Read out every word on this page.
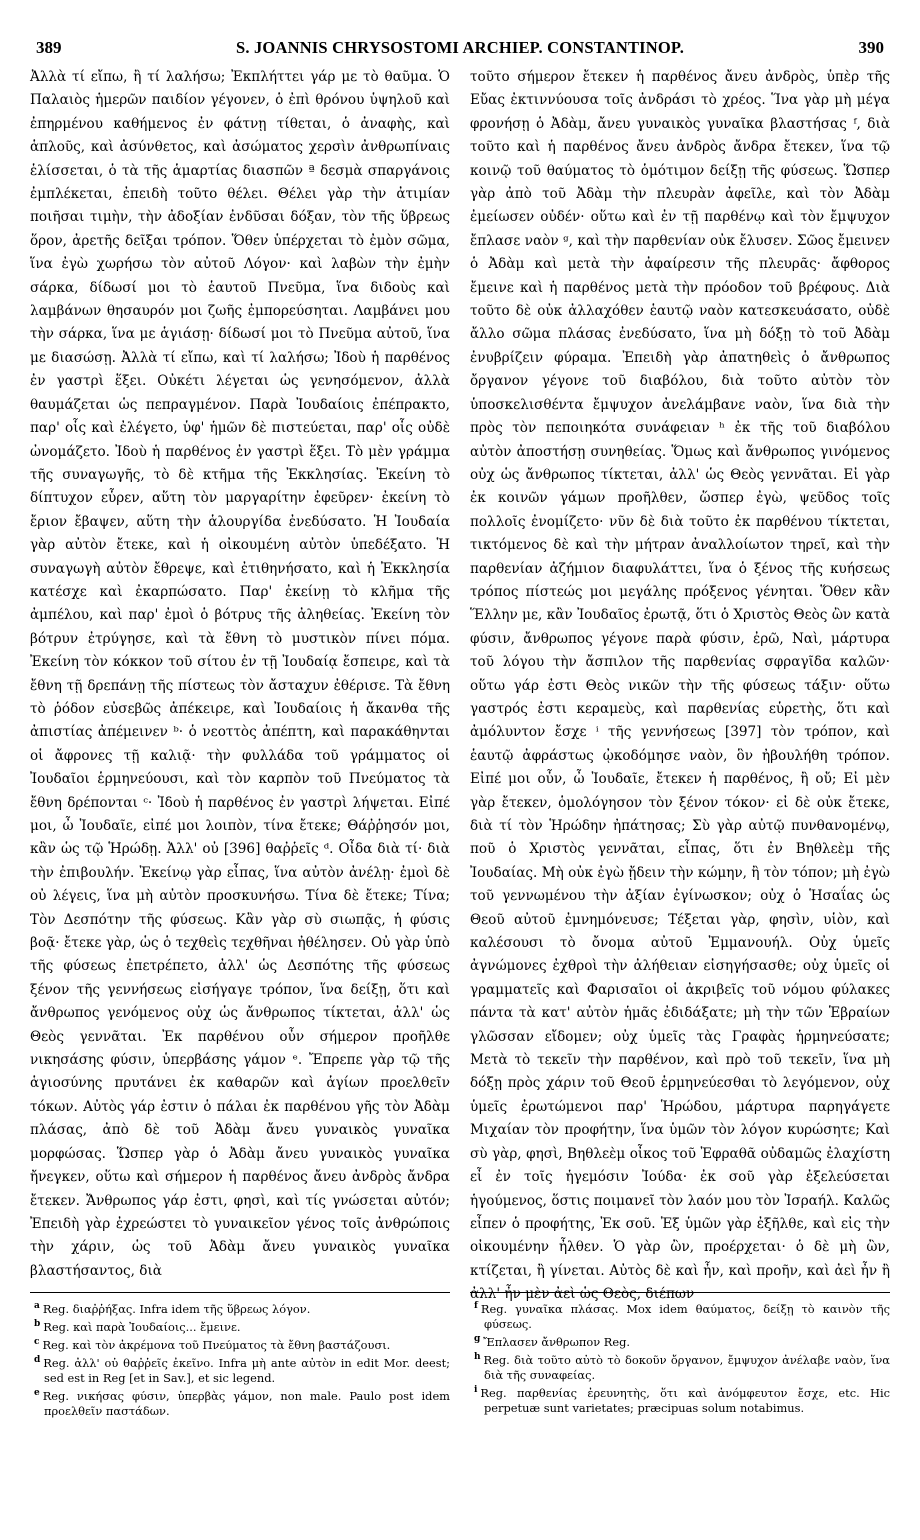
389	S. JOANNIS CHRYSOSTOMI ARCHIEP. CONSTANTINOP.	390

Ἀλλὰ τί εἴπω, ἢ τί λαλήσω; Ἐκπλήττει γάρ με τὸ θαῦμα. Ὁ Παλαιὸς ἡμερῶν παιδίον γέγονεν, ὁ ἐπὶ θρόνου ὑψηλοῦ καὶ ἐπηρμένου καθήμενος ἐν φάτνῃ τίθεται, ὁ ἀναφὴς, καὶ ἁπλοῦς, καὶ ἀσύνθετος, καὶ ἀσώματος χερσὶν ἀνθρωπίναις ἑλίσσεται, ὁ τὰ τῆς ἁμαρτίας διασπῶν ª δεσμὰ σπαργάνοις ἐμπλέκεται, ἐπειδὴ τοῦτο θέλει. Θέλει γὰρ τὴν ἀτιμίαν ποιῆσαι τιμὴν, τὴν ἀδοξίαν ἐνδῦσαι δόξαν, τὸν τῆς ὕβρεως ὅρον, ἀρετῆς δεῖξαι τρόπον. Ὅθεν ὑπέρχεται τὸ ἐμὸν σῶμα, ἵνα ἐγὼ χωρήσω τὸν αὐτοῦ Λόγον· καὶ λαβὼν τὴν ἐμὴν σάρκα, δίδωσί μοι τὸ ἑαυτοῦ Πνεῦμα, ἵνα διδοὺς καὶ λαμβάνων θησαυρόν μοι ζωῆς ἐμπορεύσηται. Λαμβάνει μου τὴν σάρκα, ἵνα με ἁγιάσῃ· δίδωσί μοι τὸ Πνεῦμα αὐτοῦ, ἵνα με διασώσῃ. Ἀλλὰ τί εἴπω, καὶ τί λαλήσω; Ἰδοὺ ἡ παρθένος ἐν γαστρὶ ἕξει. Οὐκέτι λέγεται ὡς γενησόμενον, ἀλλὰ θαυμάζεται ὡς πεπραγμένον. Παρὰ Ἰουδαίοις ἐπέπρακτο, παρ' οἷς καὶ ἐλέγετο, ὑφ' ἡμῶν δὲ πιστεύεται, παρ' οἷς οὐδὲ ὠνομάζετο. Ἰδοὺ ἡ παρθένος ἐν γαστρὶ ἕξει. Τὸ μὲν γράμμα τῆς συναγωγῆς, τὸ δὲ κτῆμα τῆς Ἐκκλησίας. Ἐκείνη τὸ δίπτυχον εὗρεν, αὕτη τὸν μαργαρίτην ἐφεῦρεν· ἐκείνη τὸ ἔριον ἔβαψεν, αὕτη τὴν ἁλουργίδα ἐνεδύσατο. Ἡ Ἰουδαία γὰρ αὐτὸν ἔτεκε, καὶ ἡ οἰκουμένη αὐτὸν ὑπεδέξατο. Ἡ συναγωγὴ αὐτὸν ἔθρεψε, καὶ ἐτιθηνήσατο, καὶ ἡ Ἐκκλησία κατέσχε καὶ ἐκαρπώσατο. Παρ' ἐκείνῃ τὸ κλῆμα τῆς ἀμπέλου, καὶ παρ' ἐμοὶ ὁ βότρυς τῆς ἀληθείας. Ἐκείνη τὸν βότρυν ἐτρύγησε, καὶ τὰ ἔθνη τὸ μυστικὸν πίνει πόμα. Ἐκείνη τὸν κόκκον τοῦ σίτου ἐν τῇ Ἰουδαίᾳ ἔσπειρε, καὶ τὰ ἔθνη τῇ δρεπάνῃ τῆς πίστεως τὸν ἄσταχυν ἐθέρισε. Τὰ ἔθνη τὸ ῥόδον εὐσεβῶς ἀπέκειρε, καὶ Ἰουδαίοις ἡ ἄκανθα τῆς ἀπιστίας ἀπέμεινεν ᵇ· ὁ νεοττὸς ἀπέπτη, καὶ παρακάθηνται οἱ ἄφρονες τῇ καλιᾷ· τὴν φυλλάδα τοῦ γράμματος οἱ Ἰουδαῖοι ἑρμηνεύουσι, καὶ τὸν καρπὸν τοῦ Πνεύματος τὰ ἔθνη δρέπονται ᶜ· Ἰδοὺ ἡ παρθένος ἐν γαστρὶ λήψεται. Εἰπέ μοι, ὦ Ἰουδαῖε, εἰπέ μοι λοιπὸν, τίνα ἔτεκε; Θάῤῥησόν μοι, κἂν ὡς τῷ Ἡρώδῃ. Ἀλλ' οὐ [396] θαῤῥεῖς ᵈ. Οἶδα διὰ τί· διὰ τὴν ἐπιβουλήν. Ἐκείνῳ γὰρ εἶπας, ἵνα αὐτὸν ἀνέλῃ· ἐμοὶ δὲ οὐ λέγεις, ἵνα μὴ αὐτὸν προσκυνήσω. Τίνα δὲ ἔτεκε; Τίνα; Τὸν Δεσπότην τῆς φύσεως. Κἂν γὰρ σὺ σιωπᾷς, ἡ φύσις βοᾷ· ἔτεκε γὰρ, ὡς ὁ τεχθεὶς τεχθῆναι ἠθέλησεν. Οὐ γὰρ ὑπὸ τῆς φύσεως ἐπετρέπετο, ἀλλ' ὡς Δεσπότης τῆς φύσεως ξένον τῆς γεννήσεως εἰσήγαγε τρόπον, ἵνα δείξῃ, ὅτι καὶ ἄνθρωπος γενόμενος οὐχ ὡς ἄνθρωπος τίκτεται, ἀλλ' ὡς Θεὸς γεννᾶται. Ἐκ παρθένου οὖν σήμερον προῆλθε νικησάσης φύσιν, ὑπερβάσης γάμον ᵉ. Ἔπρεπε γὰρ τῷ τῆς ἁγιοσύνης πρυτάνει ἐκ καθαρῶν καὶ ἁγίων προελθεῖν τόκων. Αὐτὸς γάρ ἐστιν ὁ πάλαι ἐκ παρθένου γῆς τὸν Ἀδὰμ πλάσας, ἀπὸ δὲ τοῦ Ἀδὰμ ἄνευ γυναικὸς γυναῖκα μορφώσας. Ὥσπερ γὰρ ὁ Ἀδὰμ ἄνευ γυναικὸς γυναῖκα ἤνεγκεν, οὕτω καὶ σήμερον ἡ παρθένος ἄνευ ἀνδρὸς ἄνδρα ἔτεκεν. Ἄνθρωπος γάρ ἐστι, φησὶ, καὶ τίς γνώσεται αὐτόν; Ἐπειδὴ γὰρ ἐχρεώστει τὸ γυναικεῖον γένος τοῖς ἀνθρώποις τὴν χάριν, ὡς τοῦ Ἀδὰμ ἄνευ γυναικὸς γυναῖκα βλαστήσαντος, διὰ

$^a$ Reg. διαῤῥήξας. Infra idem τῆς ὕβρεως λόγον.

$^b$ Reg. καὶ παρὰ Ἰουδαίοις... ἔμεινε.

$^c$ Reg. καὶ τὸν ἀκρέμονα τοῦ Πνεύματος τὰ ἔθνη βαστάζουσι.

$^d$ Reg. ἀλλ' οὐ θαῤῥεῖς ἐκεῖνο. Infra μὴ ante αὐτὸν in edit Mor. deest; sed est in Reg [et in Sav.], et sic legend.

$^e$ Reg. νικήσας φύσιν, ὑπερβὰς γάμον, non male. Paulo post idem προελθεῖν παστάδων.

τοῦτο σήμερον ἔτεκεν ἡ παρθένος ἄνευ ἀνδρὸς, ὑπὲρ τῆς Εὔας ἐκτιννύουσα τοῖς ἀνδράσι τὸ χρέος. Ἵνα γὰρ μὴ μέγα φρονήσῃ ὁ Ἀδὰμ, ἄνευ γυναικὸς γυναῖκα βλαστήσας ᶠ, διὰ τοῦτο καὶ ἡ παρθένος ἄνευ ἀνδρὸς ἄνδρα ἔτεκεν, ἵνα τῷ κοινῷ τοῦ θαύματος τὸ ὁμότιμον δείξῃ τῆς φύσεως. Ὥσπερ γὰρ ἀπὸ τοῦ Ἀδὰμ τὴν πλευρὰν ἀφεῖλε, καὶ τὸν Ἀδὰμ ἐμείωσεν οὐδέν· οὕτω καὶ ἐν τῇ παρθένῳ καὶ τὸν ἔμψυχον ἔπλασε ναὸν ᵍ, καὶ τὴν παρθενίαν οὐκ ἔλυσεν. Σῶος ἔμεινεν ὁ Ἀδὰμ καὶ μετὰ τὴν ἀφαίρεσιν τῆς πλευρᾶς· ἄφθορος ἔμεινε καὶ ἡ παρθένος μετὰ τὴν πρόοδον τοῦ βρέφους. Διὰ τοῦτο δὲ οὐκ ἀλλαχόθεν ἑαυτῷ ναὸν κατεσκευάσατο, οὐδὲ ἄλλο σῶμα πλάσας ἐνεδύσατο, ἵνα μὴ δόξῃ τὸ τοῦ Ἀδὰμ ἐνυβρίζειν φύραμα. Ἐπειδὴ γὰρ ἀπατηθεὶς ὁ ἄνθρωπος ὄργανον γέγονε τοῦ διαβόλου, διὰ τοῦτο αὐτὸν τὸν ὑποσκελισθέντα ἔμψυχον ἀνελάμβανε ναὸν, ἵνα διὰ τὴν πρὸς τὸν πεποιηκότα συνάφειαν ʰ ἐκ τῆς τοῦ διαβόλου αὐτὸν ἀποστήσῃ συνηθείας. Ὅμως καὶ ἄνθρωπος γινόμενος οὐχ ὡς ἄνθρωπος τίκτεται, ἀλλ' ὡς Θεὸς γεννᾶται. Εἰ γὰρ ἐκ κοινῶν γάμων προῆλθεν, ὥσπερ ἐγὼ, ψεῦδος τοῖς πολλοῖς ἐνομίζετο· νῦν δὲ διὰ τοῦτο ἐκ παρθένου τίκτεται, τικτόμενος δὲ καὶ τὴν μήτραν ἀναλλοίωτον τηρεῖ, καὶ τὴν παρθενίαν ἀζήμιον διαφυλάττει, ἵνα ὁ ξένος τῆς κυήσεως τρόπος πίστεώς μοι μεγάλης πρόξενος γένηται. Ὅθεν κἂν Ἕλλην με, κἂν Ἰουδαῖος ἐρωτᾷ, ὅτι ὁ Χριστὸς Θεὸς ὢν κατὰ φύσιν, ἄνθρωπος γέγονε παρὰ φύσιν, ἐρῶ, Ναὶ, μάρτυρα τοῦ λόγου τὴν ἄσπιλον τῆς παρθενίας σφραγῖδα καλῶν· οὕτω γάρ ἐστι Θεὸς νικῶν τὴν τῆς φύσεως τάξιν· οὕτω γαστρός ἐστι κεραμεὺς, καὶ παρθενίας εὑρετὴς, ὅτι καὶ ἀμόλυντον ἔσχε ⁱ τῆς γεννήσεως [397] τὸν τρόπον, καὶ ἑαυτῷ ἀφράστως ᾠκοδόμησε ναὸν, ὃν ἠβουλήθη τρόπον. Εἰπέ μοι οὖν, ὦ Ἰουδαῖε, ἔτεκεν ἡ παρθένος, ἢ οὔ; Εἰ μὲν γὰρ ἔτεκεν, ὁμολόγησον τὸν ξένον τόκον· εἰ δὲ οὐκ ἔτεκε, διὰ τί τὸν Ἡρώδην ἠπάτησας; Σὺ γὰρ αὐτῷ πυνθανομένῳ, ποῦ ὁ Χριστὸς γεννᾶται, εἶπας, ὅτι ἐν Βηθλεὲμ τῆς Ἰουδαίας. Μὴ οὐκ ἐγὼ ᾔδειν τὴν κώμην, ἢ τὸν τόπον; μὴ ἐγὼ τοῦ γεννωμένου τὴν ἀξίαν ἐγίνωσκον; οὐχ ὁ Ἡσαΐας ὡς Θεοῦ αὐτοῦ ἐμνημόνευσε; Τέξεται γὰρ, φησὶν, υἱὸν, καὶ καλέσουσι τὸ ὄνομα αὐτοῦ Ἐμμανουήλ. Οὐχ ὑμεῖς ἀγνώμονες ἐχθροὶ τὴν ἀλήθειαν εἰσηγήσασθε; οὐχ ὑμεῖς οἱ γραμματεῖς καὶ Φαρισαῖοι οἱ ἀκριβεῖς τοῦ νόμου φύλακες πάντα τὰ κατ' αὐτὸν ἡμᾶς ἐδιδάξατε; μὴ τὴν τῶν Ἑβραίων γλῶσσαν εἴδομεν; οὐχ ὑμεῖς τὰς Γραφὰς ἡρμηνεύσατε; Μετὰ τὸ τεκεῖν τὴν παρθένον, καὶ πρὸ τοῦ τεκεῖν, ἵνα μὴ δόξῃ πρὸς χάριν τοῦ Θεοῦ ἑρμηνεύεσθαι τὸ λεγόμενον, οὐχ ὑμεῖς ἐρωτώμενοι παρ' Ἡρώδου, μάρτυρα παρηγάγετε Μιχαίαν τὸν προφήτην, ἵνα ὑμῶν τὸν λόγον κυρώσητε; Καὶ σὺ γὰρ, φησὶ, Βηθλεὲμ οἶκος τοῦ Ἐφραθᾶ οὐδαμῶς ἐλαχίστη εἶ ἐν τοῖς ἡγεμόσιν Ἰούδα· ἐκ σοῦ γὰρ ἐξελεύσεται ἡγούμενος, ὅστις ποιμανεῖ τὸν λαόν μου τὸν Ἰσραήλ. Καλῶς εἶπεν ὁ προφήτης, Ἐκ σοῦ. Ἐξ ὑμῶν γὰρ ἐξῆλθε, καὶ εἰς τὴν οἰκουμένην ἦλθεν. Ὁ γὰρ ὢν, προέρχεται· ὁ δὲ μὴ ὢν, κτίζεται, ἢ γίνεται. Αὐτὸς δὲ καὶ ἦν, καὶ προῆν, καὶ ἀεὶ ἦν ἢ ἀλλ' ἦν μὲν ἀεὶ ὡς Θεὸς, διέπων

$^f$ Reg. γυναῖκα πλάσας. Mox idem θαύματος, δείξῃ τὸ καινὸν τῆς φύσεως.

$^g$ Ἔπλασεν ἄνθρωπον Reg.

$^h$ Reg. διὰ τοῦτο αὐτὸ τὸ δοκοῦν ὄργανον, ἔμψυχον ἀνέλαβε ναὸν, ἵνα διὰ τῆς συναφείας.

$^i$ Reg. παρθενίας ἐρευνητὴς, ὅτι καὶ ἀνόμφευτον ἔσχε, etc. Hic perpetuæ sunt varietates; præcipuas solum notabimus.
